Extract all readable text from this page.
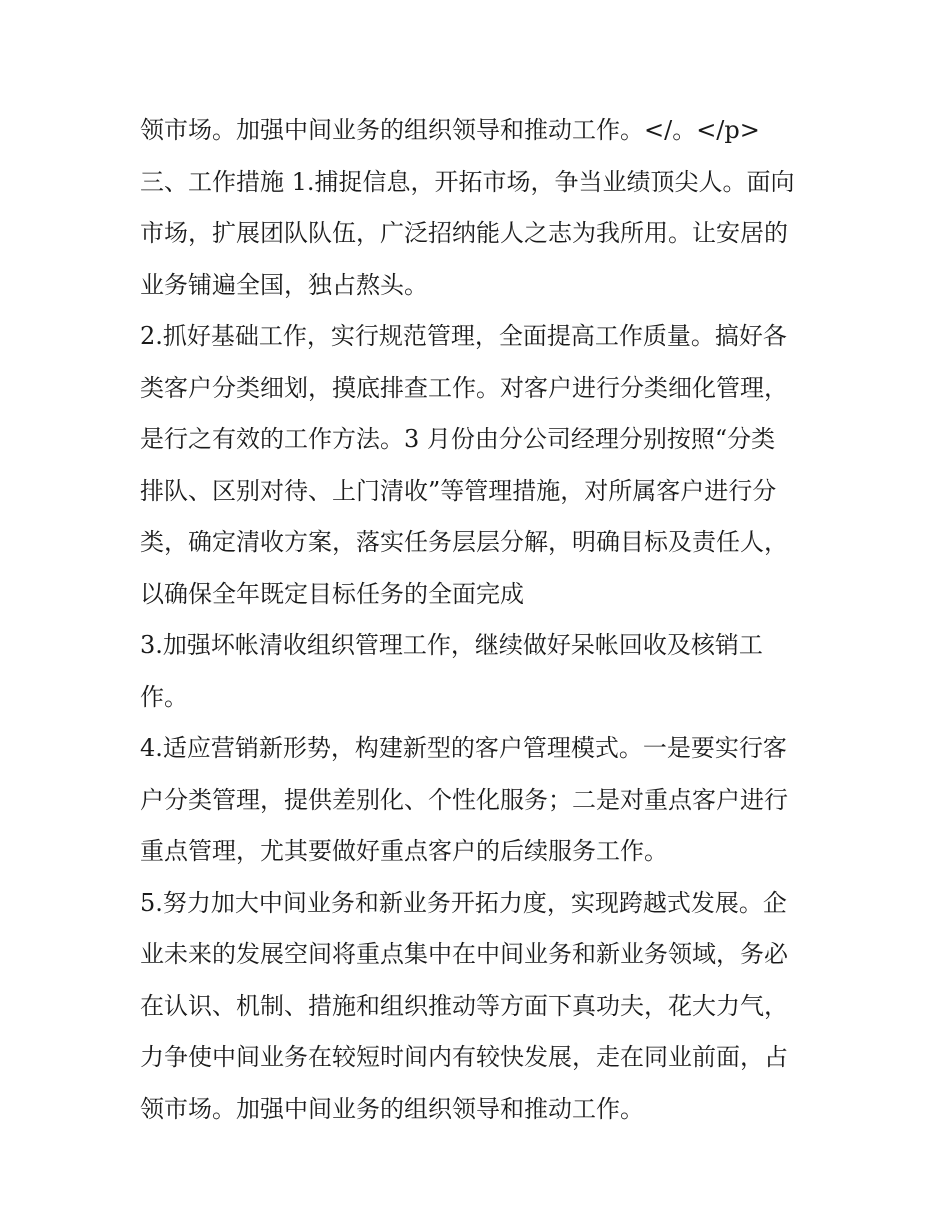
领市场。加强中间业务的组织领导和推动工作。</。</p>

三、工作措施 1.捕捉信息，开拓市场，争当业绩顶尖人。面向
市场，扩展团队队伍，广泛招纳能人之志为我所用。让安居的
业务铺遍全国，独占熬头。

2.抓好基础工作，实行规范管理，全面提高工作质量。搞好各
类客户分类细划，摸底排查工作。对客户进行分类细化管理，
是行之有效的工作方法。3 月份由分公司经理分别按照“分类
排队、区别对待、上门清收”等管理措施，对所属客户进行分
类，确定清收方案，落实任务层层分解，明确目标及责任人，
以确保全年既定目标任务的全面完成

3.加强坏帐清收组织管理工作，继续做好呆帐回收及核销工
作。

4.适应营销新形势，构建新型的客户管理模式。一是要实行客
户分类管理，提供差别化、个性化服务；二是对重点客户进行
重点管理，尤其要做好重点客户的后续服务工作。

5.努力加大中间业务和新业务开拓力度，实现跨越式发展。企
业未来的发展空间将重点集中在中间业务和新业务领域，务必
在认识、机制、措施和组织推动等方面下真功夫，花大力气，
力争使中间业务在较短时间内有较快发展，走在同业前面，占
领市场。加强中间业务的组织领导和推动工作。
